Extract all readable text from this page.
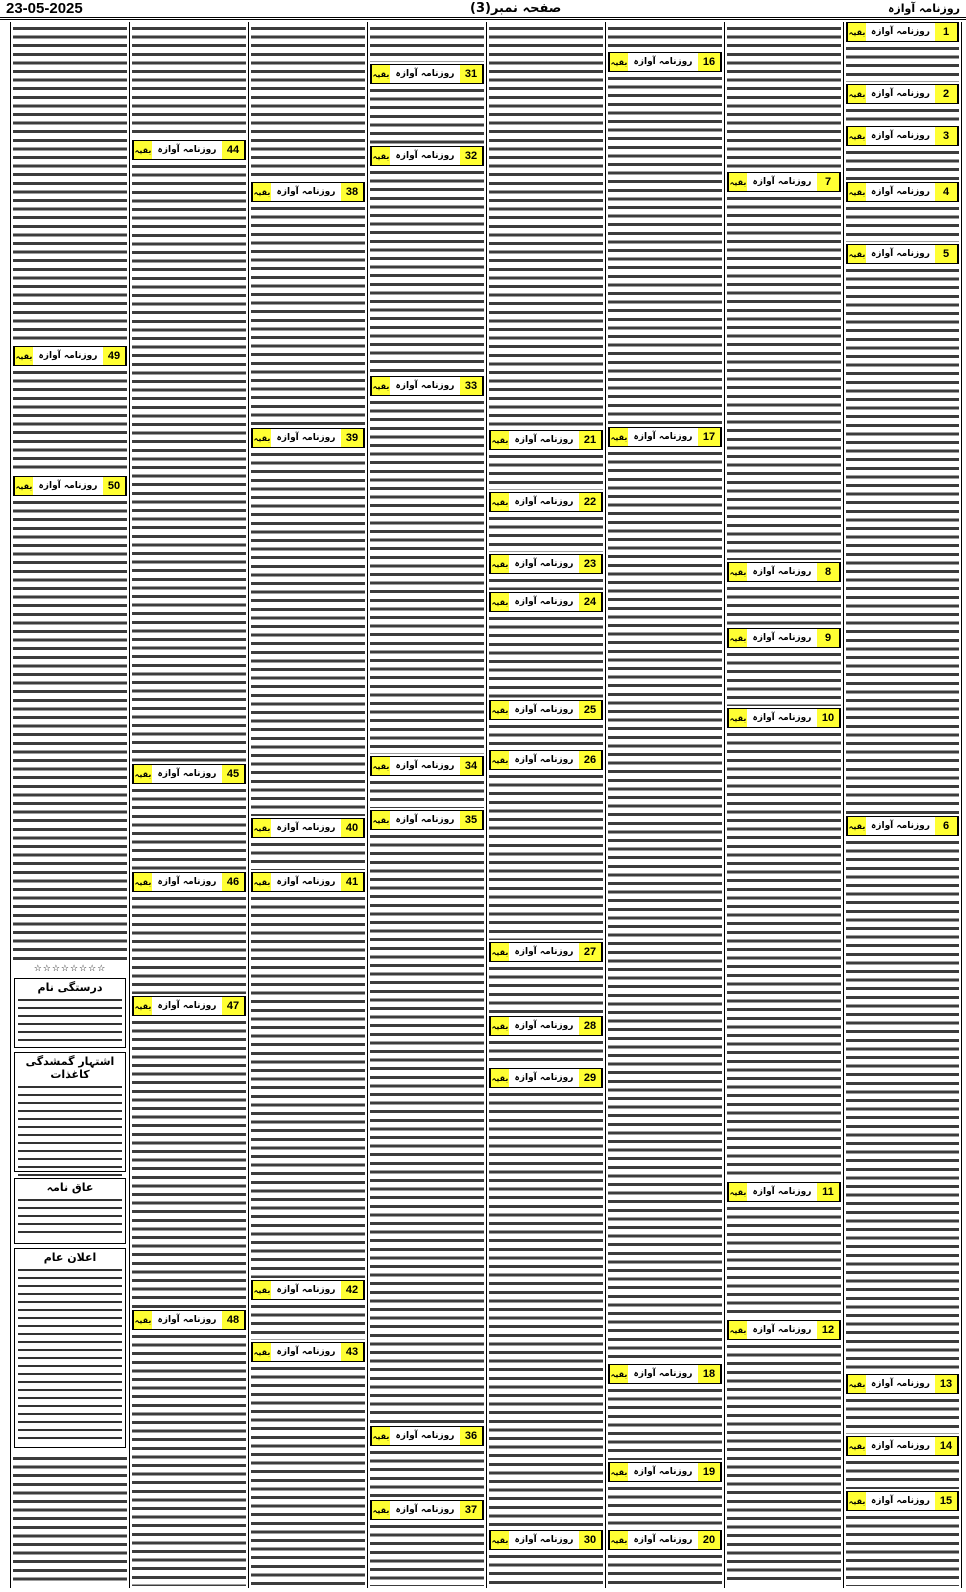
23-05-2025	صفحہ نمبر(3)	روزنامہ آوازہ
بقیہ روزنامہ آوازہ	1
بقیہ روزنامہ آوازہ	2
بقیہ روزنامہ آوازہ	3
بقیہ روزنامہ آوازہ	4
بقیہ روزنامہ آوازہ	5
بقیہ روزنامہ آوازہ	6
بقیہ روزنامہ آوازہ 13
بقیہ روزنامہ آوازہ 14
بقیہ روزنامہ آوازہ 15
بقیہ روزنامہ آوازہ	7
بقیہ روزنامہ آوازہ	8
بقیہ روزنامہ آوازہ	9
بقیہ روزنامہ آوازہ 10
بقیہ روزنامہ آوازہ 11
بقیہ روزنامہ آوازہ 12
بقیہ روزنامہ آوازہ 16
بقیہ روزنامہ آوازہ 17
بقیہ روزنامہ آوازہ 18
بقیہ روزنامہ آوازہ 19
بقیہ روزنامہ آوازہ 20
بقیہ روزنامہ آوازہ 21
بقیہ روزنامہ آوازہ 22
بقیہ روزنامہ آوازہ 23
بقیہ روزنامہ آوازہ 24
بقیہ روزنامہ آوازہ 25
بقیہ روزنامہ آوازہ 26
بقیہ روزنامہ آوازہ 27
بقیہ روزنامہ آوازہ 28
بقیہ روزنامہ آوازہ 29
بقیہ روزنامہ آوازہ 30
بقیہ روزنامہ آوازہ 31
بقیہ روزنامہ آوازہ 32
بقیہ روزنامہ آوازہ 33
بقیہ روزنامہ آوازہ 34
بقیہ روزنامہ آوازہ 35
بقیہ روزنامہ آوازہ 36
بقیہ روزنامہ آوازہ 37
بقیہ روزنامہ آوازہ 38
بقیہ روزنامہ آوازہ 39
بقیہ روزنامہ آوازہ 40
بقیہ روزنامہ آوازہ 41
بقیہ روزنامہ آوازہ 42
بقیہ روزنامہ آوازہ 43
بقیہ روزنامہ آوازہ 44
بقیہ روزنامہ آوازہ 45
بقیہ روزنامہ آوازہ 46
بقیہ روزنامہ آوازہ 47
بقیہ روزنامہ آوازہ 48
بقیہ روزنامہ آوازہ 49
بقیہ روزنامہ آوازہ 50
☆☆☆☆☆☆☆☆
درستگی نام
اشتہار گمشدگی کاغذات
عاق نامہ
اعلان عام
